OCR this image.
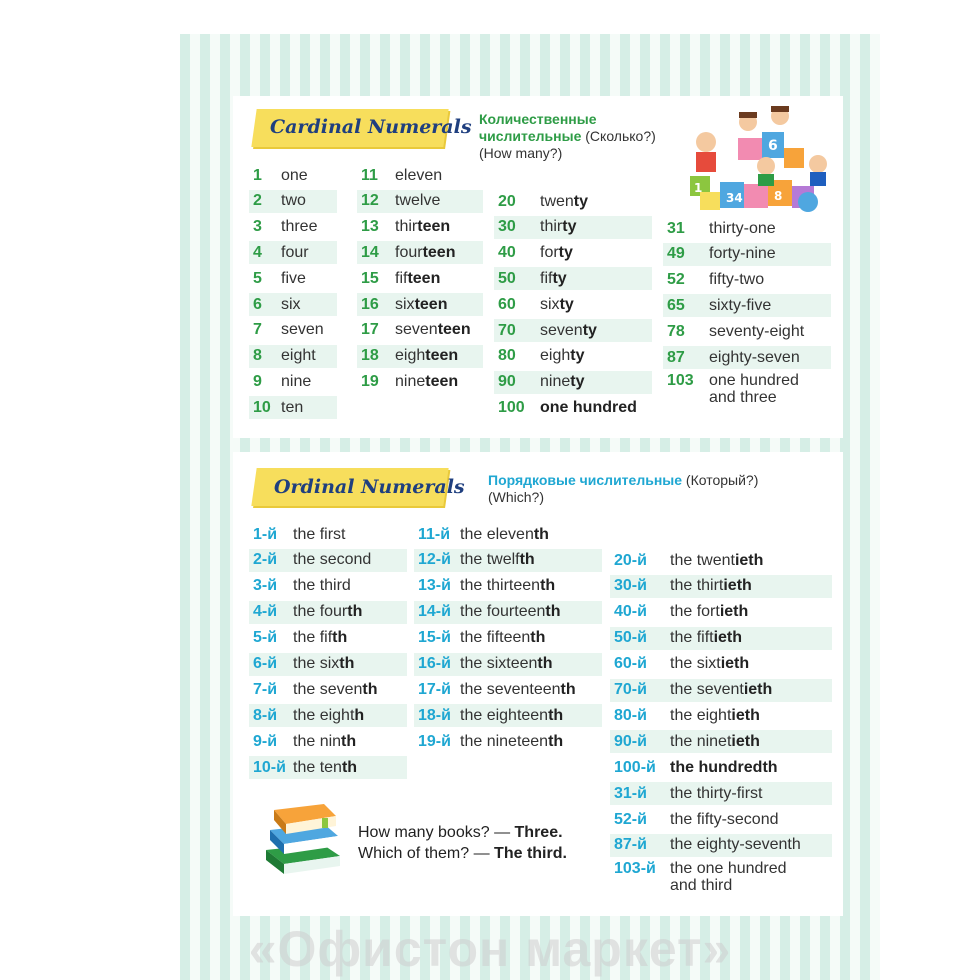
Cardinal Numerals Количественные
числительные (Сколько?)
(How many?)	6
1
34	8
1	one
2	two
3	three
4	four
5	five
6	six
7	seven
8	eight
9	nine
10 ten
11	eleven
12	twelve
13	thirteen
14	fourteen
15	fifteen
16	sixteen
17	seventeen
18	eighteen
19	nineteen
20	twenty
30	thirty
40	forty
50	fifty
60	sixty
70	seventy
80	eighty
90	ninety
100 one hundred
31	thirty-one
49	forty-nine
52	fifty-two
65	sixty-five
78	seventy-eight
87	eighty-seven
103 one hundred
and three
Ordinal Numerals Порядковые числительные (Который?)
(Which?)
1-й the first
2-й the second
3-й the third
4-й the fourth
5-й the fifth
6-й the sixth
7-й the seventh
8-й the eighth
9-й the ninth
10-й the tenth
11-й the eleventh
12-й the twelfth
13-й the thirteenth
14-й the fourteenth
15-й the fifteenth
16-й the sixteenth
17-й the seventeenth
18-й the eighteenth
19-й the nineteenth
20-й	the twentieth
30-й	the thirtieth
40-й	the fortieth
50-й	the fiftieth
60-й	the sixtieth
70-й	the seventieth
80-й	the eightieth
90-й	the ninetieth
100-й the hundredth
31-й	the thirty-first
52-й	the fifty-second
87-й	the eighty-seventh
103-й the one hundred
and third
How many books? — Three.
Which of them? — The third.
«Офистон маркет»
